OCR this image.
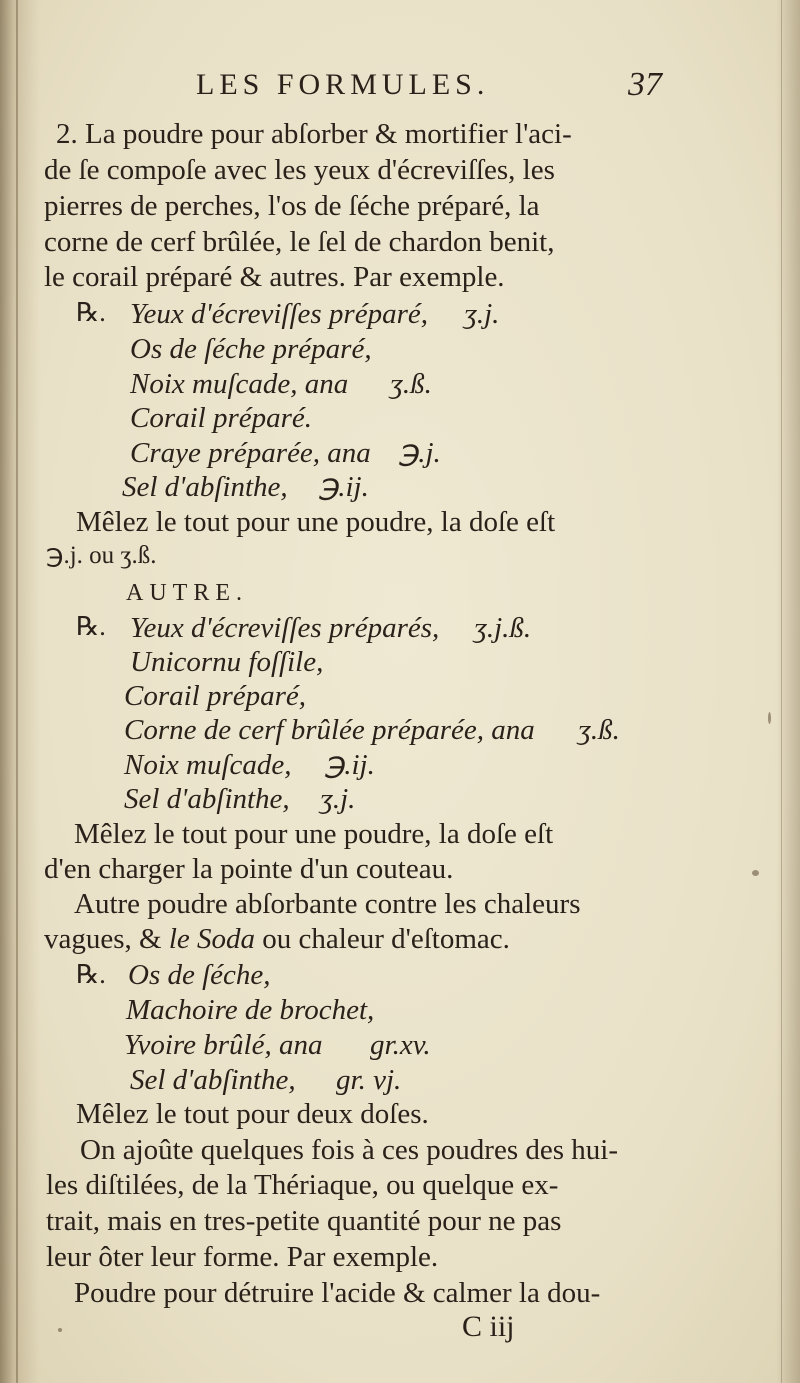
LES FORMULES.	37
2. La poudre pour abſorber & mortifier l'aci-
de ſe compoſe avec les yeux d'écreviſſes, les
pierres de perches, l'os de ſéche préparé, la
corne de cerf brûlée, le ſel de chardon benit,
le corail préparé & autres. Par exemple.
℞. Yeux d'écreviſſes préparé, ʒ.j.
Os de ſéche préparé,
Noix muſcade, ana ʒ.ß.
Corail préparé.
Craye préparée, ana ℈.j.
Sel d'abſinthe, ℈.ij.
Mêlez le tout pour une poudre, la doſe eſt
℈.j. ou ʒ.ß.
AUTRE.
℞. Yeux d'écreviſſes préparés, ʒ.j.ß.
Unicornu foſſile,
Corail préparé,
Corne de cerf brûlée préparée, ana ʒ.ß.
Noix muſcade, ℈.ij.
Sel d'abſinthe, ʒ.j.
Mêlez le tout pour une poudre, la doſe eſt
d'en charger la pointe d'un couteau.
Autre poudre abſorbante contre les chaleurs
vagues, & le Soda ou chaleur d'eſtomac.
℞. Os de ſéche,
Machoire de brochet,
Yvoire brûlé, ana gr.xv.
Sel d'abſinthe, gr. vj.
Mêlez le tout pour deux doſes.
On ajoûte quelques fois à ces poudres des hui-
les diſtilées, de la Thériaque, ou quelque ex-
trait, mais en tres-petite quantité pour ne pas
leur ôter leur forme. Par exemple.
Poudre pour détruire l'acide & calmer la dou-
C iij
